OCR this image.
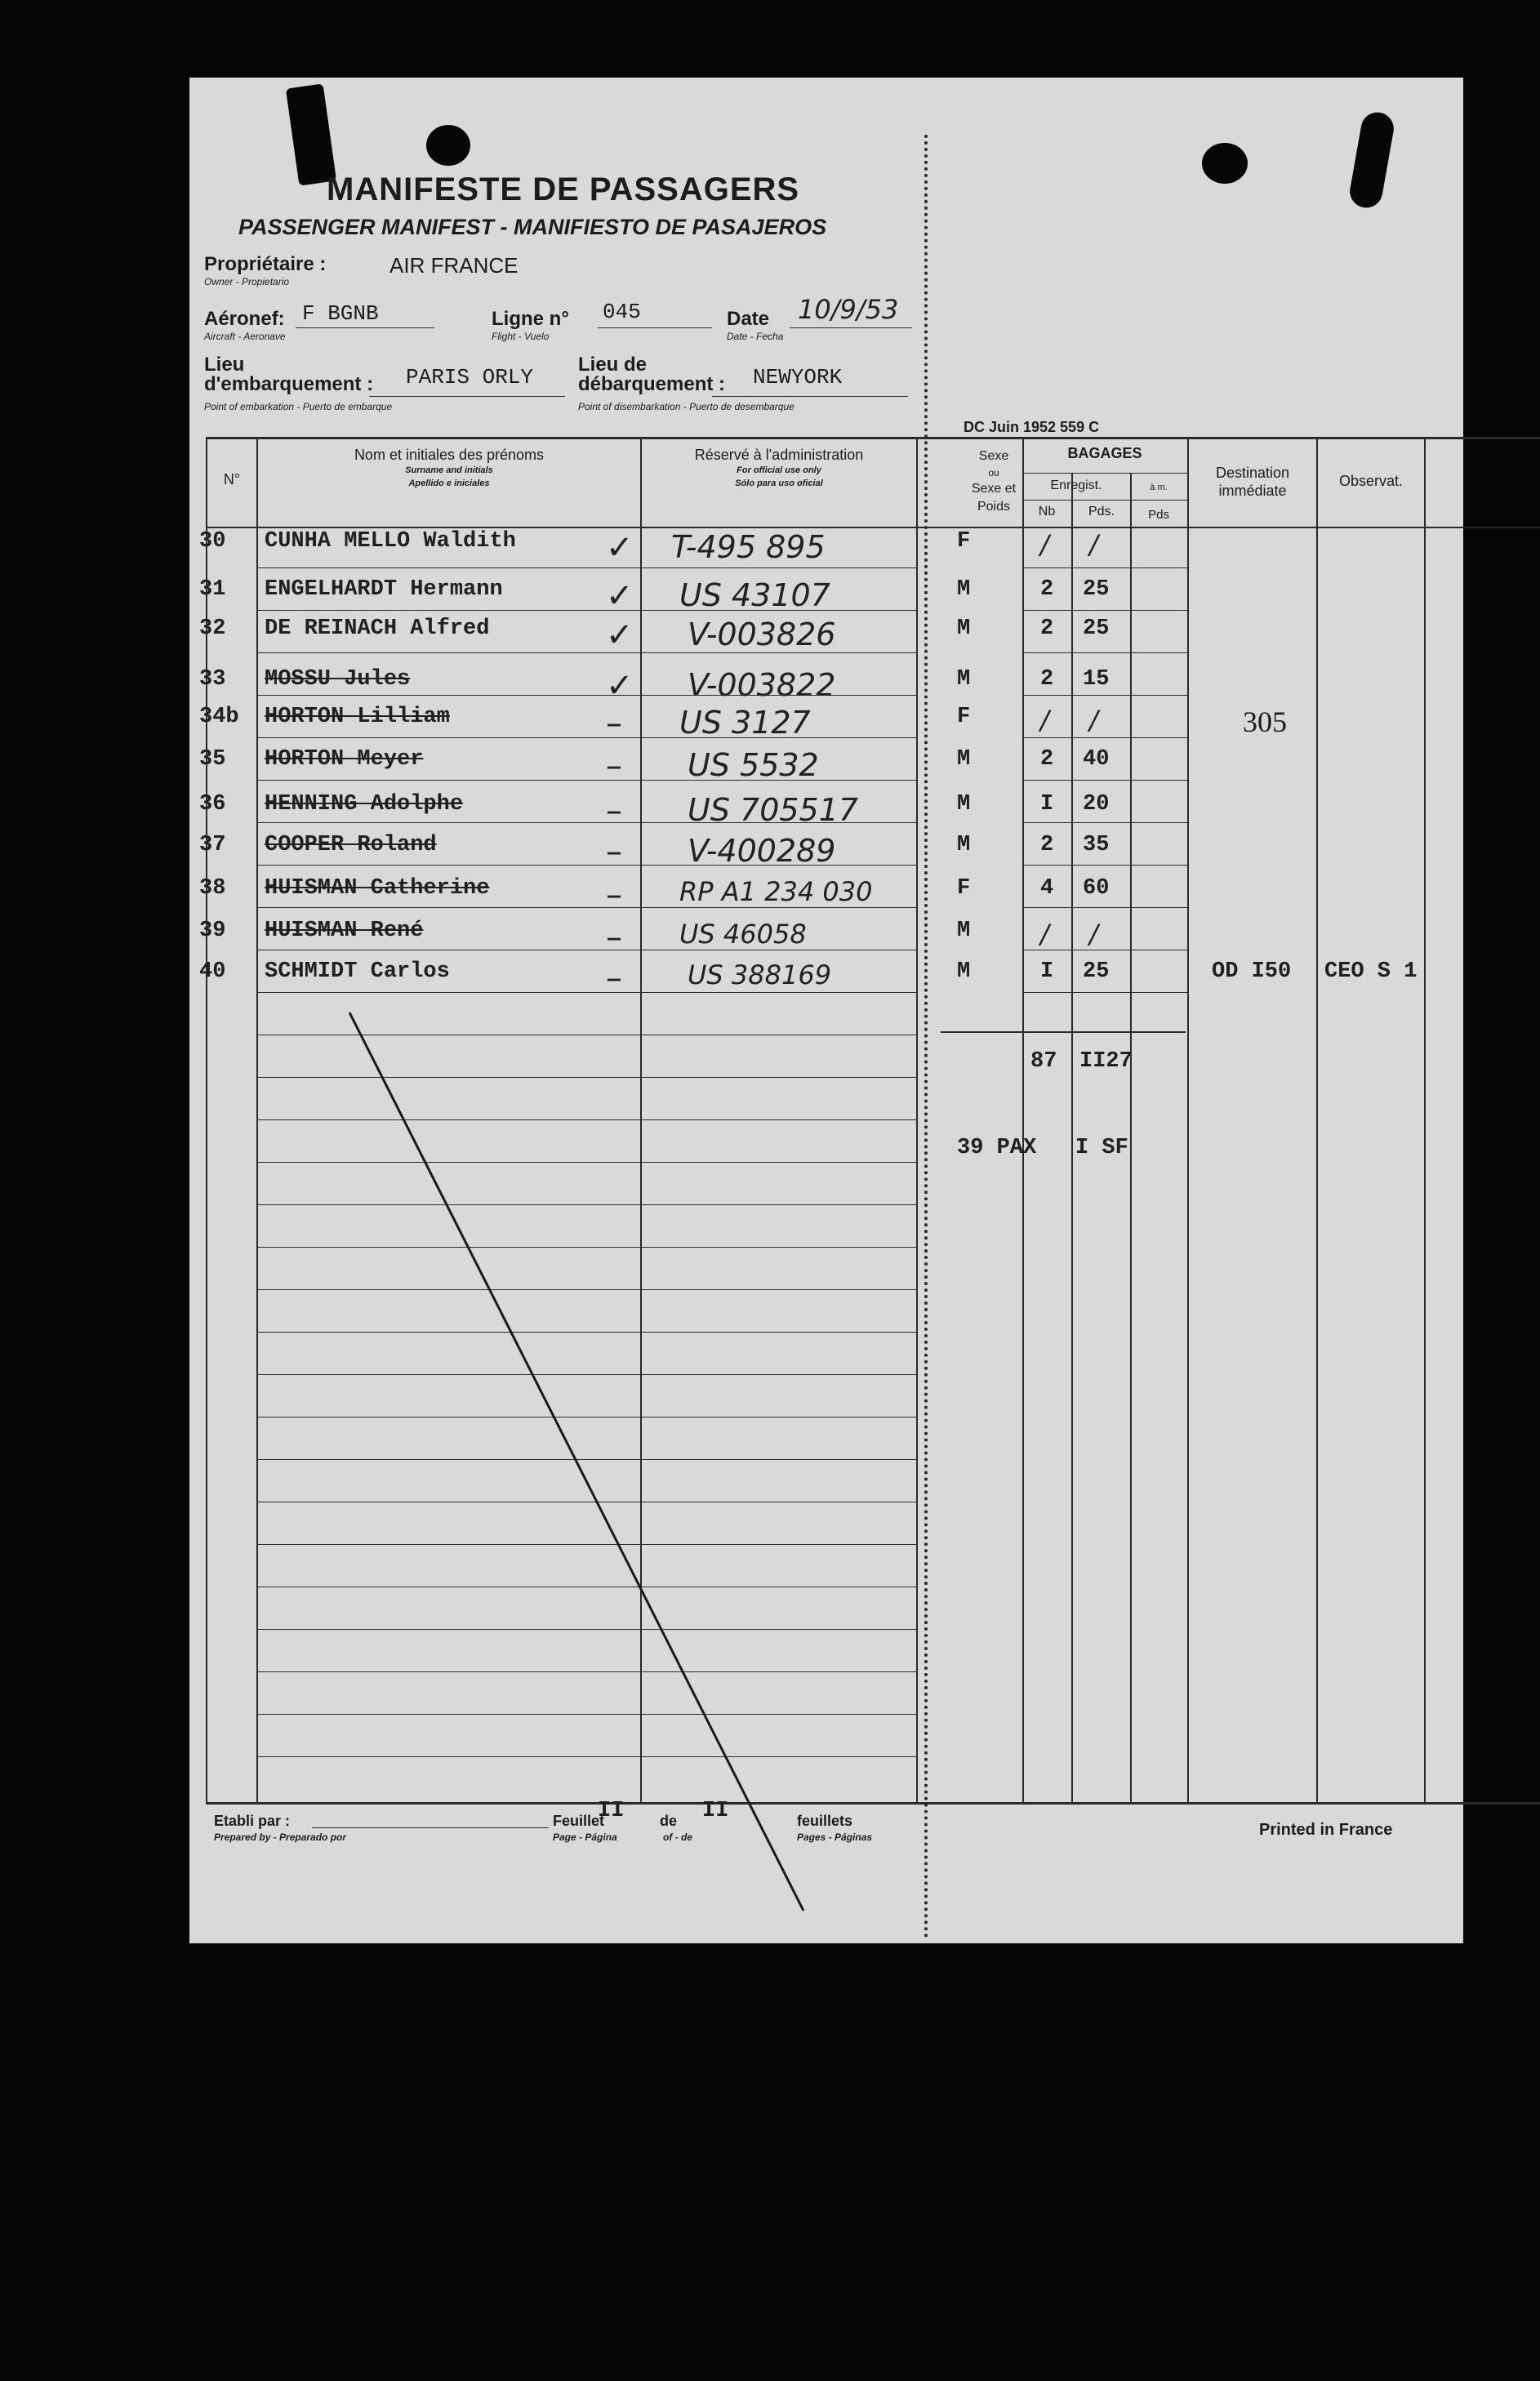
MANIFESTE DE PASSAGERS
PASSENGER MANIFEST - MANIFIESTO DE PASAJEROS
Propriétaire :	AIR FRANCE
Owner - Propietario
Aéronef: F BGNB
Aircraft - Aeronave
Ligne n° 045
Flight - Vuelo
Date 10/9/53
Date - Fecha
Lieu
d'embarquement : PARIS ORLY
Point of embarkation - Puerto de embarque
Lieu de
débarquement : NEWYORK
Point of disembarkation - Puerto de desembarque
DC Juin 1952 559 C
N°
Nom et initiales des prénoms
Surname and initials
Apellido e iniciales
Réservé à l'administration
For official use only
Sólo para uso oficial
Sexe
ou
Sexe et
Poids
BAGAGES
Enregist.	à m.
Nb	Pds.	Pds
Destination
immédiate
Observat.
30 CUNHA MELLO Waldith	✓ T-495 895	F	/ /
31 ENGELHARDT Hermann	✓ US 43107	M	2 25
32 DE REINACH Alfred	✓ V-003826	M	2 25
33 MOSSU Jules	✓ V-003822	M	2 15
34b HORTON Lilliam	– US 3127	F	/ /	305
35 HORTON Meyer	– US 5532	M	2 40
36 HENNING Adolphe	– US 705517	M	I 20
37 COOPER Roland	– V-400289	M	2 35
38 HUISMAN Catherine	– RP A1 234 030	F	4 60
39 HUISMAN René	– US 46058	M	/ /
40 SCHMIDT Carlos	–	US 388169	M	I 25	OD I50 CEO S 1
87 II27
39 PAX I SF
Etabli par :
Prepared by - Preparado por
Feuillet
II de II	feuillets
Page - Página	of - de	Pages - Páginas	Printed in France
